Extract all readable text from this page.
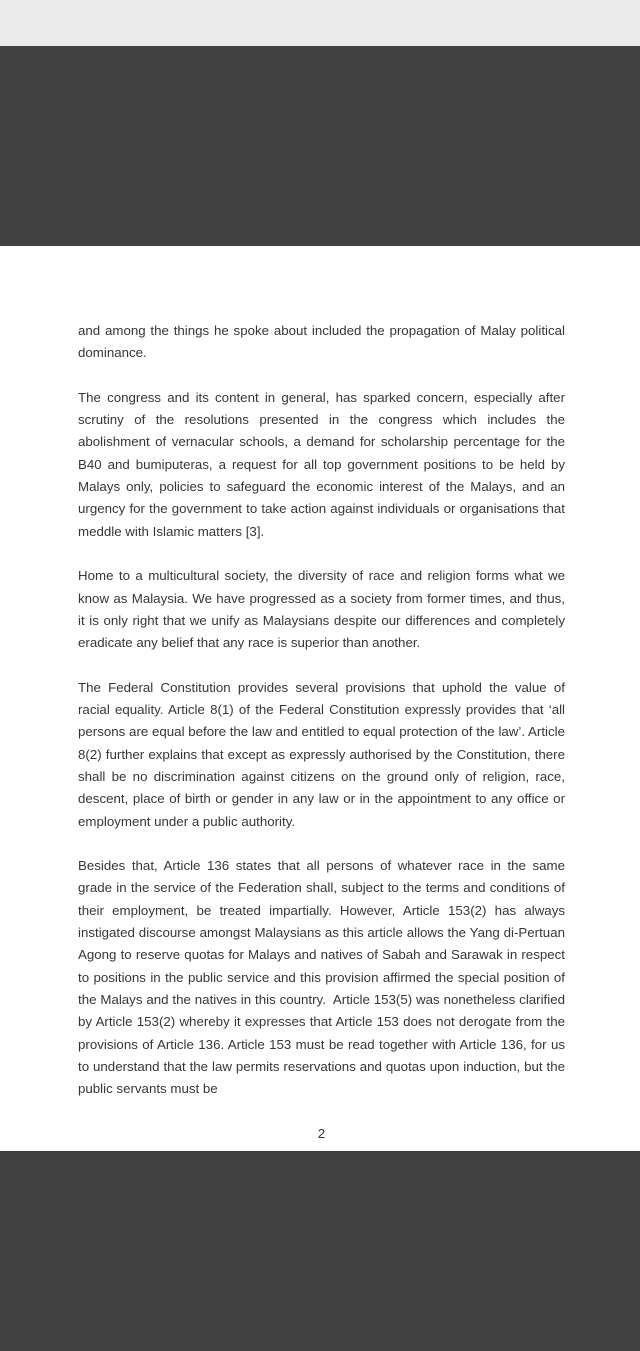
and among the things he spoke about included the propagation of Malay political dominance.

The congress and its content in general, has sparked concern, especially after scrutiny of the resolutions presented in the congress which includes the abolishment of vernacular schools, a demand for scholarship percentage for the B40 and bumiputeras, a request for all top government positions to be held by Malays only, policies to safeguard the economic interest of the Malays, and an urgency for the government to take action against individuals or organisations that meddle with Islamic matters [3].

Home to a multicultural society, the diversity of race and religion forms what we know as Malaysia. We have progressed as a society from former times, and thus, it is only right that we unify as Malaysians despite our differences and completely eradicate any belief that any race is superior than another.

The Federal Constitution provides several provisions that uphold the value of racial equality. Article 8(1) of the Federal Constitution expressly provides that ‘all persons are equal before the law and entitled to equal protection of the law’. Article 8(2) further explains that except as expressly authorised by the Constitution, there shall be no discrimination against citizens on the ground only of religion, race, descent, place of birth or gender in any law or in the appointment to any office or employment under a public authority.

Besides that, Article 136 states that all persons of whatever race in the same grade in the service of the Federation shall, subject to the terms and conditions of their employment, be treated impartially. However, Article 153(2) has always instigated discourse amongst Malaysians as this article allows the Yang di-Pertuan Agong to reserve quotas for Malays and natives of Sabah and Sarawak in respect to positions in the public service and this provision affirmed the special position of the Malays and the natives in this country.  Article 153(5) was nonetheless clarified by Article 153(2) whereby it expresses that Article 153 does not derogate from the provisions of Article 136. Article 153 must be read together with Article 136, for us to understand that the law permits reservations and quotas upon induction, but the public servants must be

2
